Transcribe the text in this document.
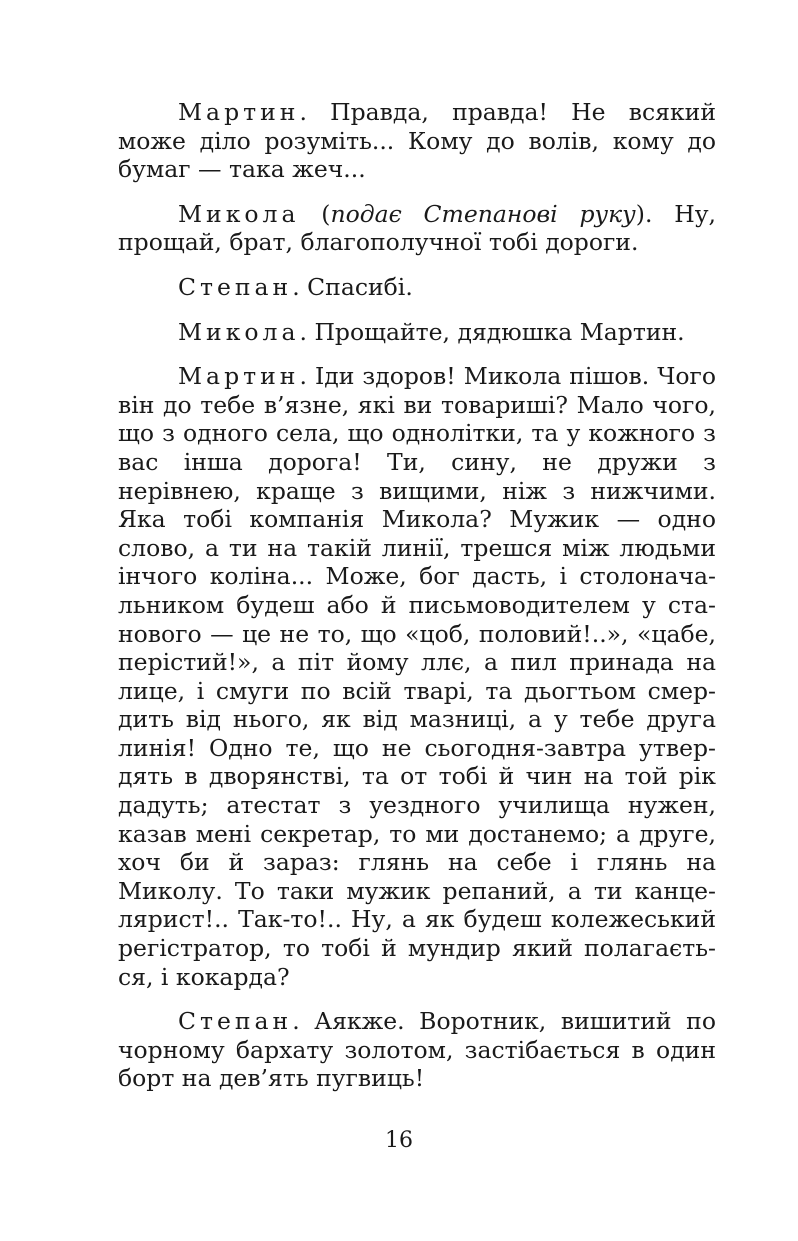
Мартин. Правда, правда! Не всякий може діло розуміть... Кому до волів, кому до бумаг — така жеч...

Микола (подає Степанові руку). Ну, прощай, брат, благополучної тобі дороги.

Степан. Спасибі.

Микола. Прощайте, дядюшка Мартин.

Мартин. Іди здоров! Микола пішов. Чого він до тебе в’язне, які ви товариші? Мало чого, що з одного села, що однолітки, та у кожного з вас інша дорога! Ти, сину, не дружи з нерівнею, краще з вищими, ніж з нижчими. Яка тобі компанія Микола? Мужик — одно слово, а ти на такій линії, трешся між людьми інчого коліна... Може, бог дасть, і столоначальником будеш або й письмоводителем у станового — це не то, що «цоб, половий!..», «цабе, перістий!», а піт йому ллє, а пил принада на лице, і смуги по всій тварі, та дьогтьом смердить від нього, як від мазниці, а у тебе друга линія! Одно те, що не сьогодня-завтра утвердять в дворянстві, та от тобі й чин на той рік дадуть; атестат з уездного училища нужен, казав мені секретар, то ми достанемо; а друге, хоч би й зараз: глянь на себе і глянь на Миколу. То таки мужик репаний, а ти канцелярист!.. Так-то!.. Ну, а як будеш колежеський регістратор, то тобі й мундир який полагається, і кокарда?

Степан. Аякже. Воротник, вишитий по чорному бархату золотом, застібається в один борт на дев’ять пугвиць!

16
